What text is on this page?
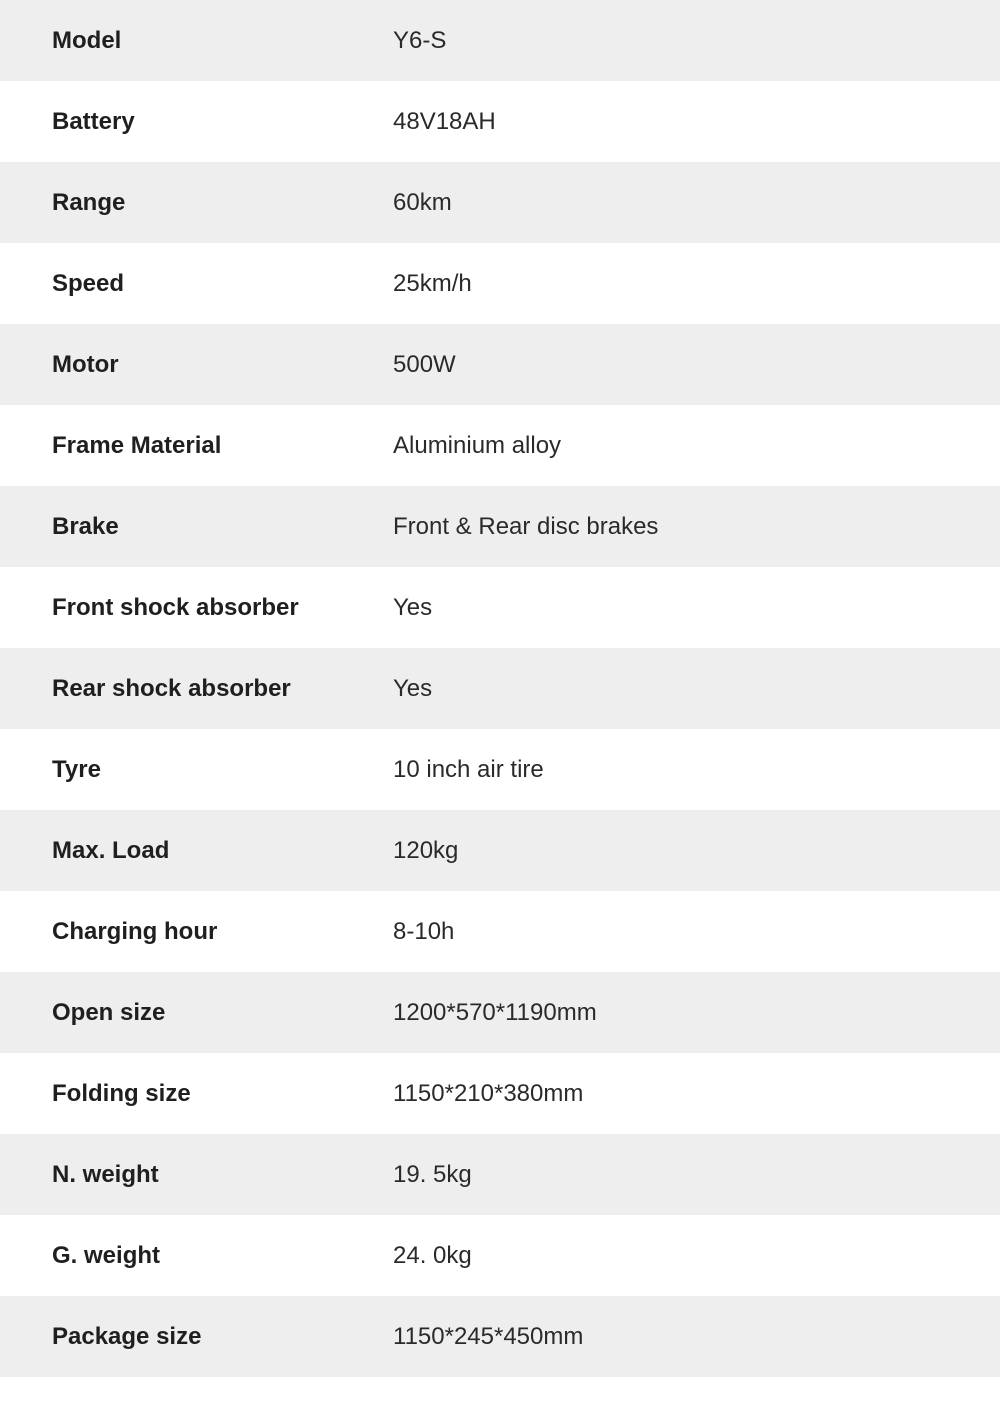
Model	Y6-S
Battery	48V18AH
Range	60km
Speed	25km/h
Motor	500W
Frame Material	Aluminium alloy
Brake	Front & Rear disc brakes
Front shock absorber	Yes
Rear shock absorber	Yes
Tyre	10 inch air tire
Max. Load	120kg
Charging hour	8-10h
Open size	1200*570*1190mm
Folding size	1150*210*380mm
N. weight	19. 5kg
G. weight	24. 0kg
Package size	1150*245*450mm
